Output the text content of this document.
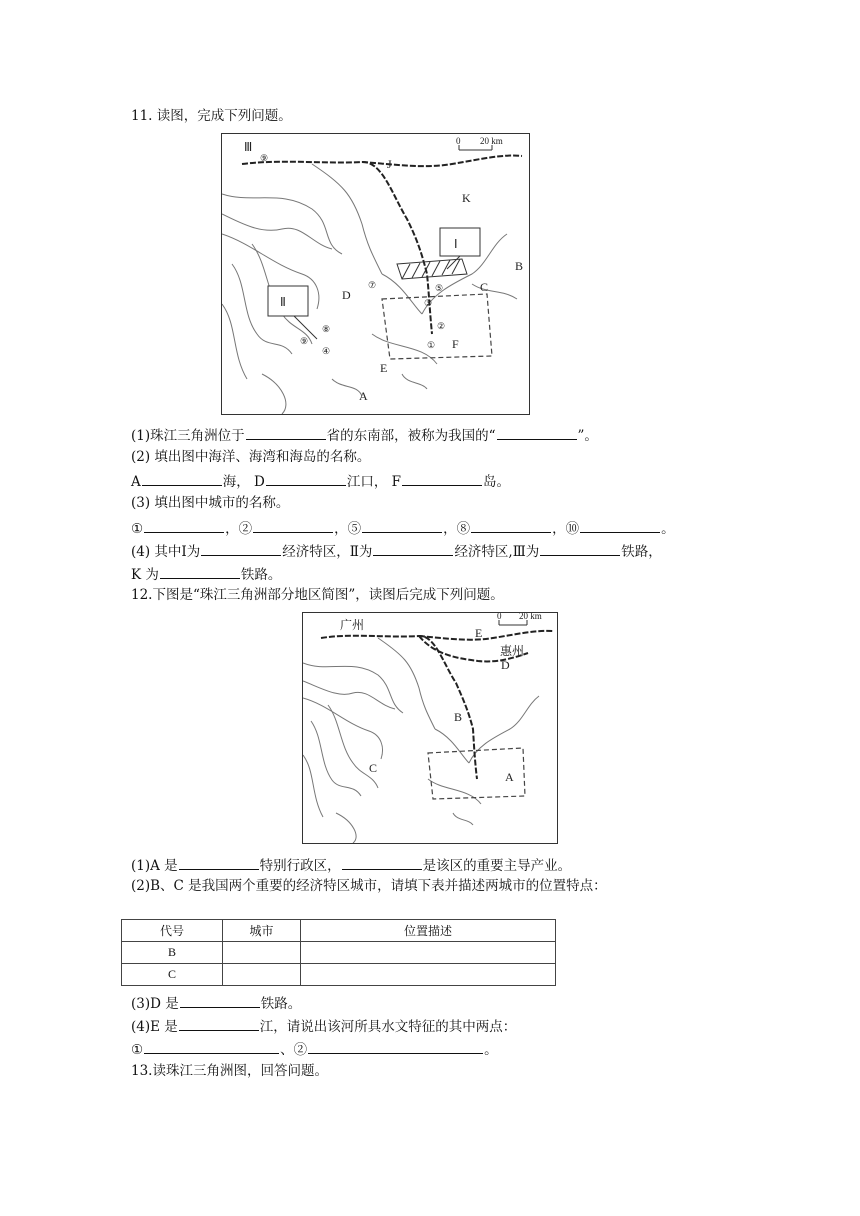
11. 读图，完成下列问题。
Ⅲ
⑨	J
K
Ⅰ
Ⅱ
B
C
D
F
E
A
⑦
③
⑤
②
①
⑧
④
⑨
0 20 km
(1)珠江三角洲位于	省的东南部，被称为我国的“	”。
(2) 填出图中海洋、海湾和海岛的名称。
A	海， D	江口， F	岛。
(3) 填出图中城市的名称。
①	，②	，⑤	，⑧	，⑩	。
(4) 其中Ⅰ为	经济特区，Ⅱ为	经济特区,Ⅲ为	铁路，
K 为	铁路。
12.下图是“珠江三角洲部分地区简图”，读图后完成下列问题。
广州
E
惠州
D
B
C
A
0 20 km
(1)A 是	特别行政区，	是该区的重要主导产业。
(2)B、C 是我国两个重要的经济特区城市，请填下表并描述两城市的位置特点：
代号	城市	位置描述
B		
C		
(3)D 是	铁路。
(4)E 是	江，请说出该河所具水文特征的其中两点：
①	、②	。
13.读珠江三角洲图，回答问题。
